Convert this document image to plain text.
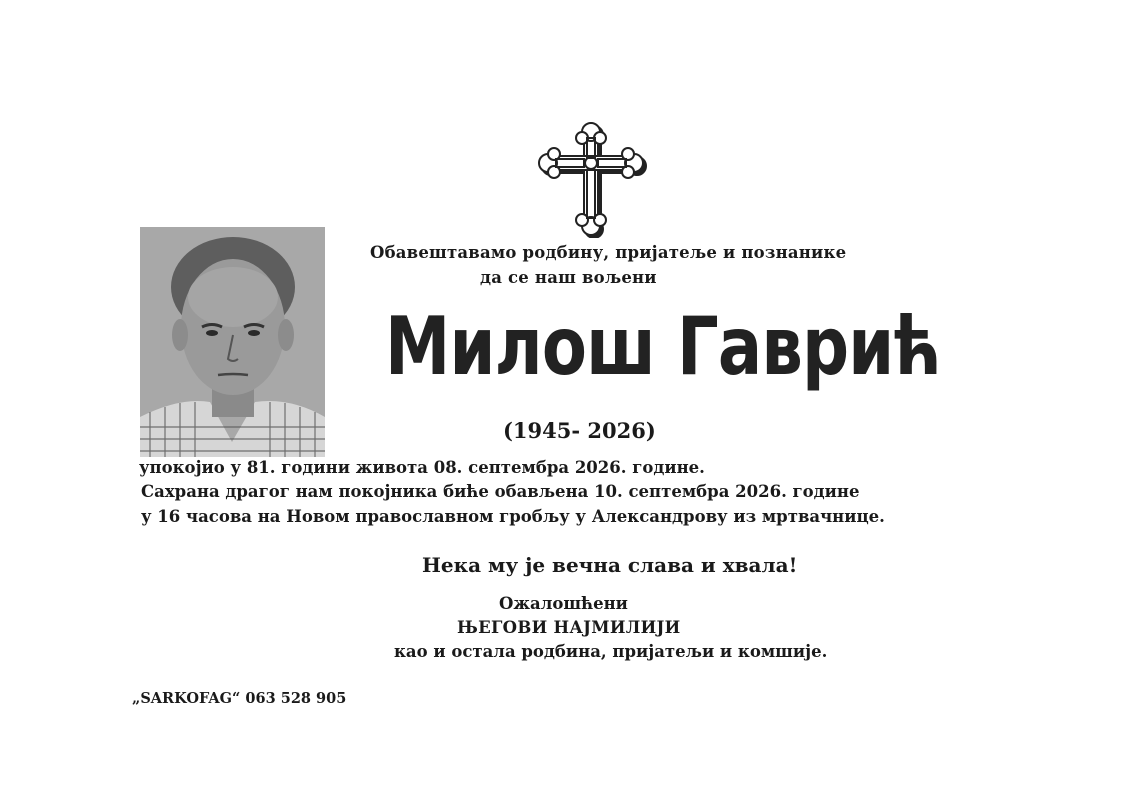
Обавештавамо родбину, пријатеље и познанике
да се наш вољени
Милош Гаврић
(1945- 2026)
упокојио у 81. години живота 08. септембра 2026. године.
Сахрана драгог нам покојника биће обављена 10. септембра 2026. године
у 16 часова на Новом православном гробљу у Александрову из мртвачнице.
Нека му је вечна слава и хвала!
Ожалошћени
ЊЕГОВИ НАЈМИЛИЈИ
као и остала родбина, пријатељи и комшије.
„SARKOFAG“ 063 528 905
